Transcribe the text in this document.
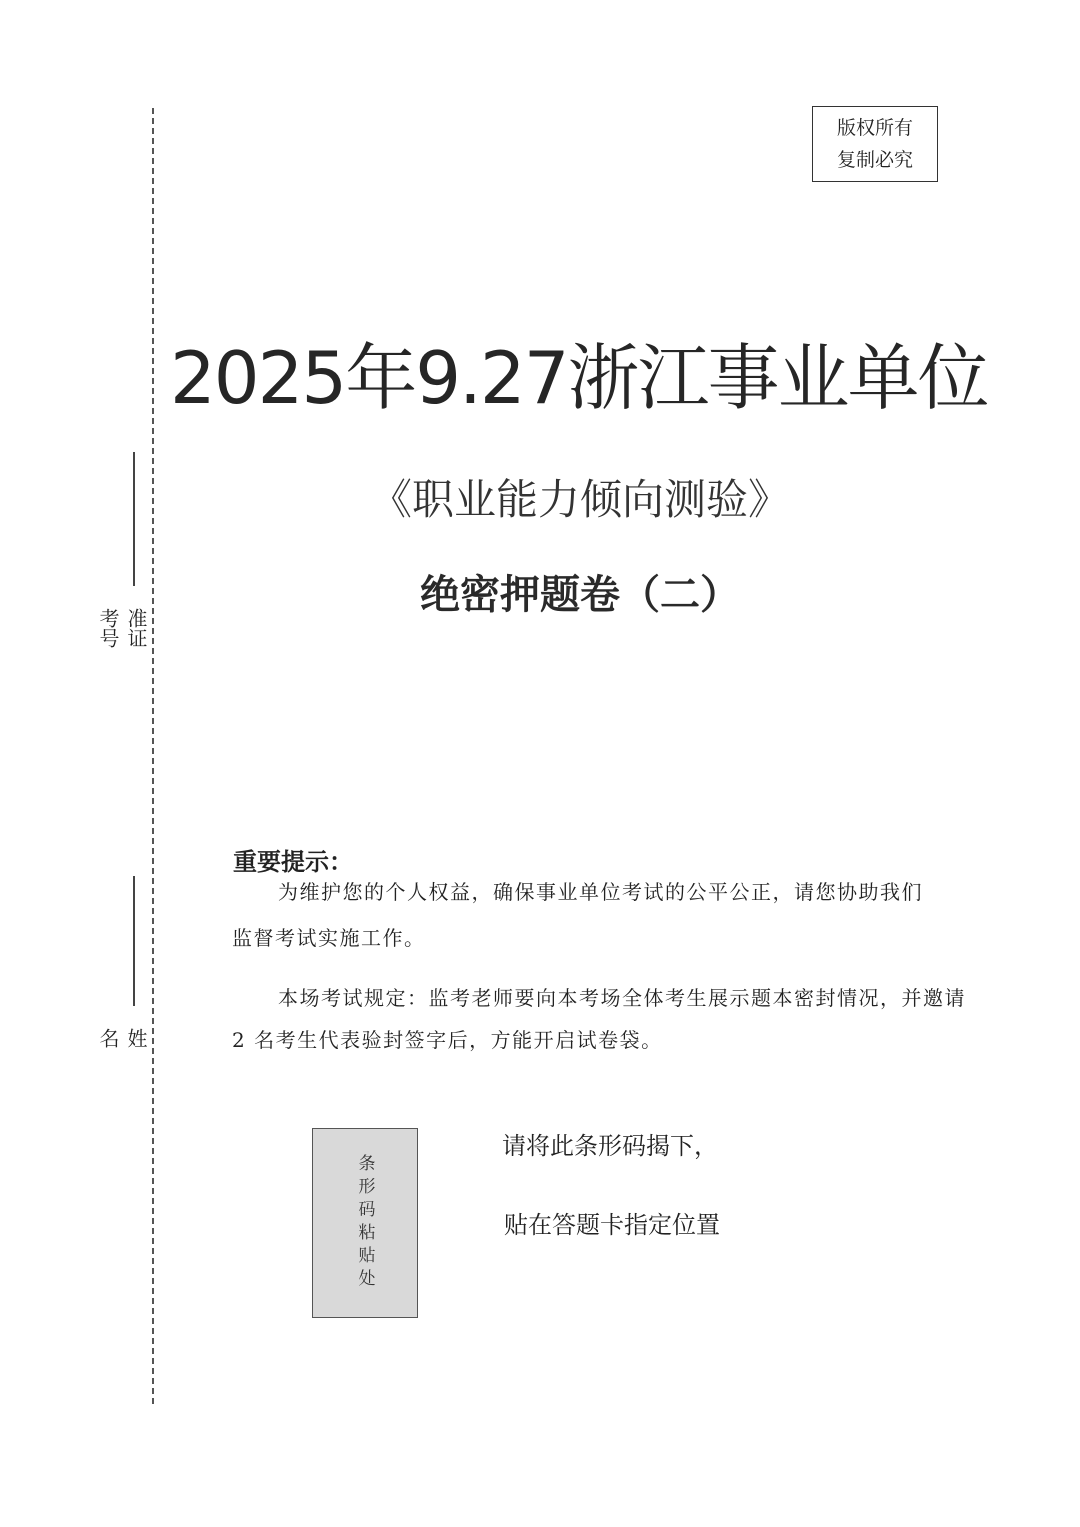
准证
考号
姓
名
版权所有
复制必究
2025年9.27浙江事业单位
《职业能力倾向测验》
绝密押题卷（二）
重要提示：
为维护您的个人权益，确保事业单位考试的公平公正，请您协助我们
监督考试实施工作。
本场考试规定：监考老师要向本考场全体考生展示题本密封情况，并邀请
2 名考生代表验封签字后，方能开启试卷袋。
条形码粘贴处
请将此条形码揭下，
贴在答题卡指定位置
